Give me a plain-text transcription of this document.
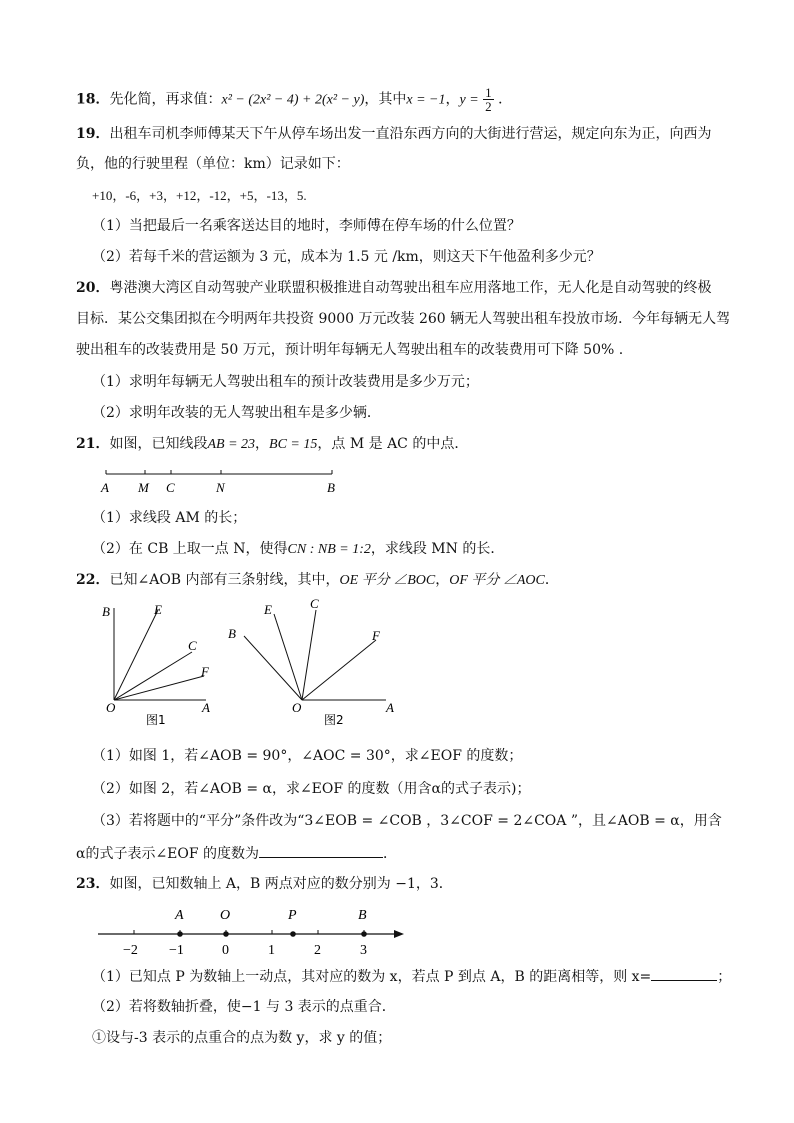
18．先化简，再求值：x² − (2x² − 4) + 2(x² − y)，其中x = −1，$y = \frac{1}{2}$ ．
19．出租车司机李师傅某天下午从停车场出发一直沿东西方向的大街进行营运，规定向东为正，向西为
负，他的行驶里程（单位：km）记录如下：
+10，-6，+3，+12，-12，+5，-13，5.
（1）当把最后一名乘客送达目的地时，李师傅在停车场的什么位置？
（2）若每千米的营运额为 3 元，成本为 1.5 元 /km，则这天下午他盈利多少元？
20．粤港澳大湾区自动驾驶产业联盟积极推进自动驾驶出租车应用落地工作，无人化是自动驾驶的终极
目标．某公交集团拟在今明两年共投资 9000 万元改装 260 辆无人驾驶出租车投放市场．今年每辆无人驾
驶出租车的改装费用是 50 万元，预计明年每辆无人驾驶出租车的改装费用可下降 50% .
（1）求明年每辆无人驾驶出租车的预计改装费用是多少万元；
（2）求明年改装的无人驾驶出租车是多少辆．
21．如图，已知线段AB = 23，BC = 15，点 M 是 AC 的中点．
A M C	N	B
（1）求线段 AM 的长；
（2）在 CB 上取一点 N，使得CN : NB = 1:2，求线段 MN 的长．
22．已知∠AOB 内部有三条射线，其中，OE 平分 ∠BOC，OF 平分 ∠AOC．
B	E
C
F
O	A
图1
E	C
B	F
O	A
图2
（1）如图 1，若∠AOB = 90°，∠AOC = 30°，求∠EOF 的度数；
（2）如图 2，若∠AOB = α，求∠EOF 的度数（用含α的式子表示)；
（3）若将题中的“平分”条件改为“3∠EOB = ∠COB ，3∠COF = 2∠COA ”，且∠AOB = α，用含
α的式子表示∠EOF 的度数为	．
23．如图，已知数轴上 A，B 两点对应的数分别为 −1，3．
A	O	P	B
−2 −1	0	1	2	3
（1）已知点 P 为数轴上一动点，其对应的数为 x，若点 P 到点 A，B 的距离相等，则 x=	；
（2）若将数轴折叠，使−1 与 3 表示的点重合．
①设与-3 表示的点重合的点为数 y，求 y 的值；
